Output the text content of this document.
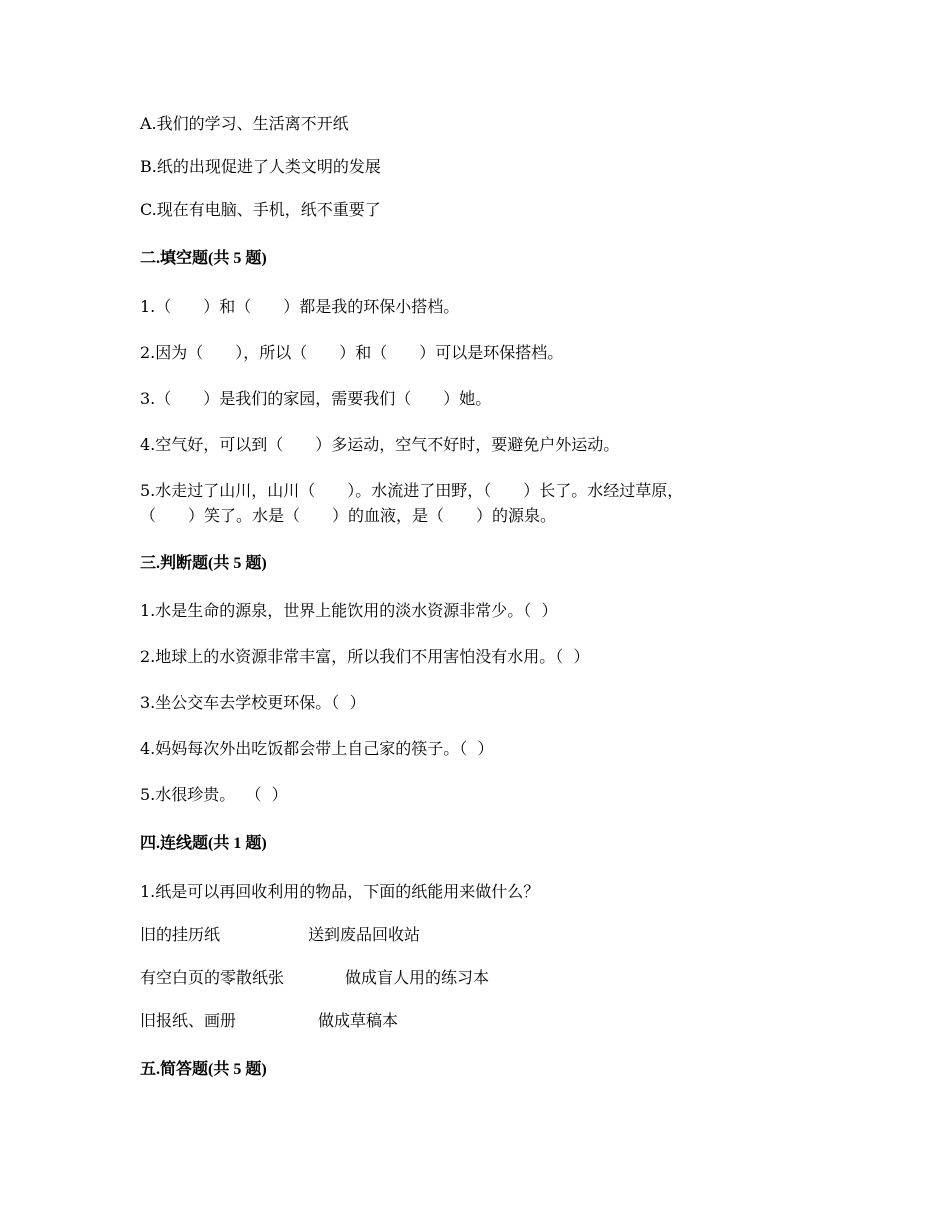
A.我们的学习、生活离不开纸
B.纸的出现促进了人类文明的发展
C.现在有电脑、手机，纸不重要了
二.填空题(共 5 题)
1.（　　）和（　　）都是我的环保小搭档。
2.因为（　　），所以（　　）和（　　）可以是环保搭档。
3.（　　）是我们的家园，需要我们（　　）她。
4.空气好，可以到（　　）多运动，空气不好时，要避免户外运动。
5.水走过了山川，山川（　　）。水流进了田野，（　　）长了。水经过草原，
（　　）笑了。水是（　　）的血液，是（　　）的源泉。
三.判断题(共 5 题)
1.水是生命的源泉，世界上能饮用的淡水资源非常少。（  ）
2.地球上的水资源非常丰富，所以我们不用害怕没有水用。（  ）
3.坐公交车去学校更环保。（  ）
4.妈妈每次外出吃饭都会带上自己家的筷子。（  ）
5.水很珍贵。  （  ）
四.连线题(共 1 题)
1.纸是可以再回收利用的物品，下面的纸能用来做什么？
旧的挂历纸	送到废品回收站
有空白页的零散纸张	做成盲人用的练习本
旧报纸、画册	做成草稿本
五.简答题(共 5 题)
